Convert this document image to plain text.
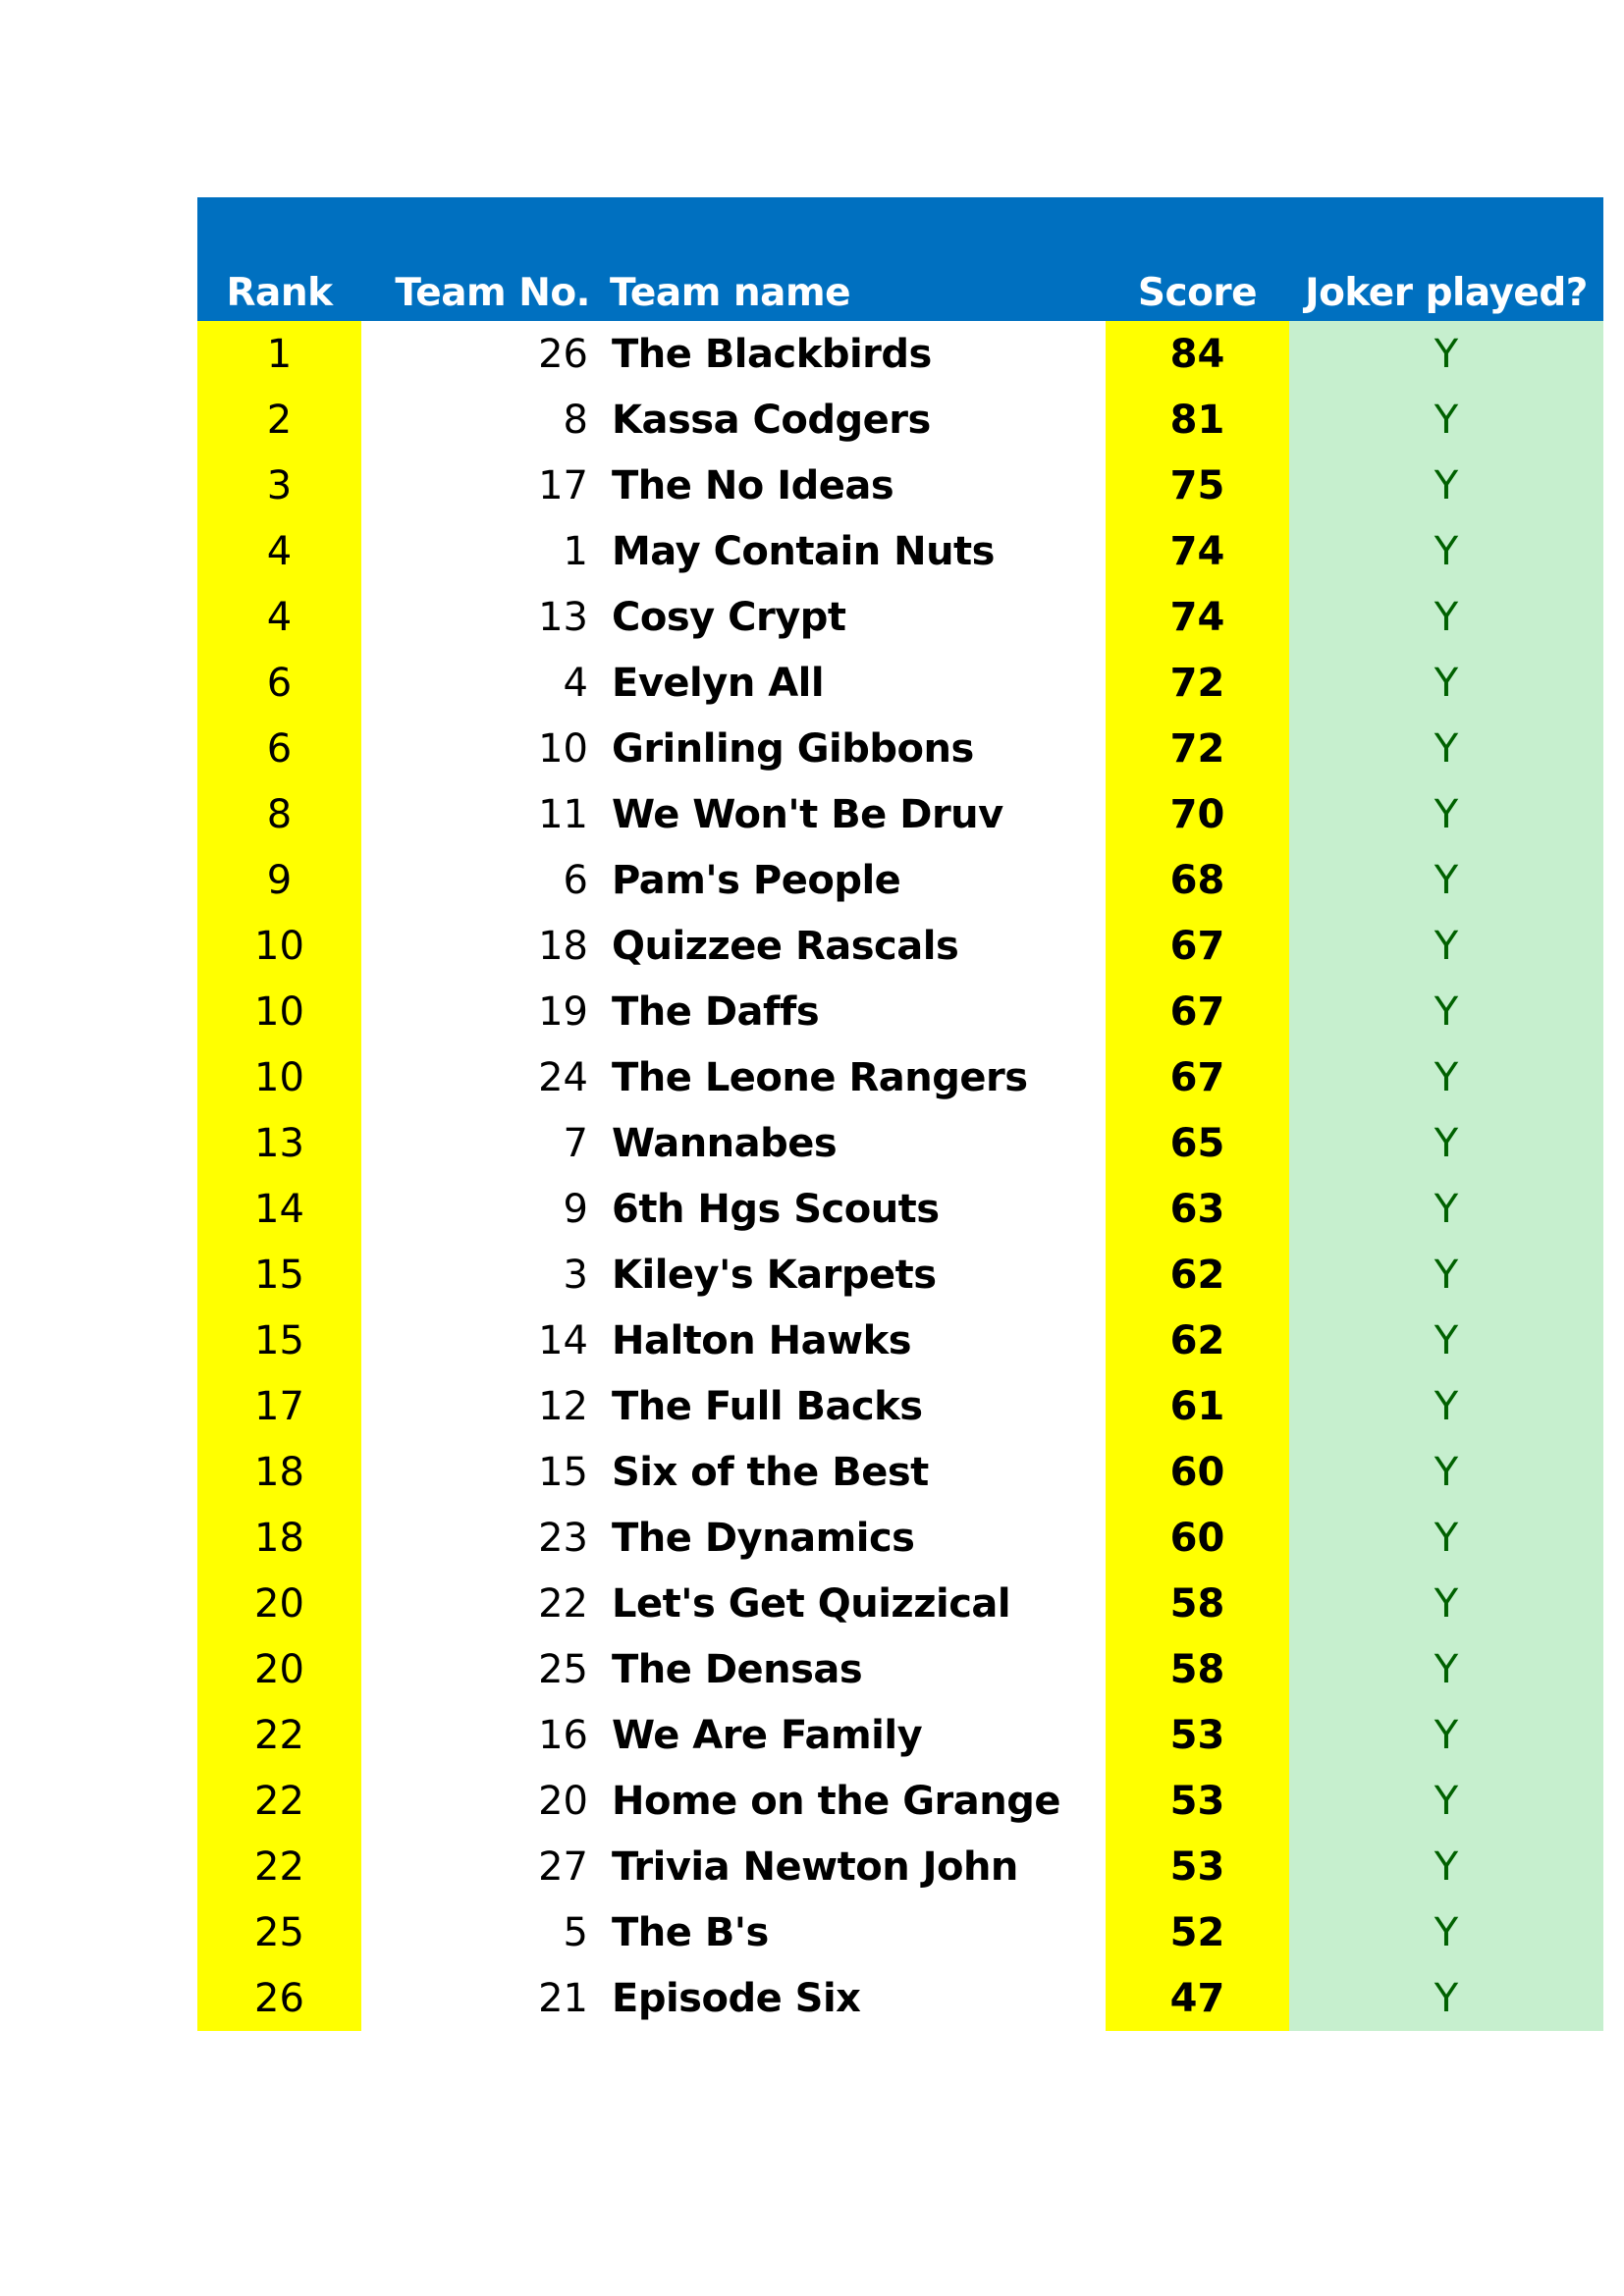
Rank	Team No.	Team name	Score	Joker played?
1	26	The Blackbirds	84	Y
2	8	Kassa Codgers	81	Y
3	17	The No Ideas	75	Y
4	1	May Contain Nuts	74	Y
4	13	Cosy Crypt	74	Y
6	4	Evelyn All	72	Y
6	10	Grinling Gibbons	72	Y
8	11	We Won't Be Druv	70	Y
9	6	Pam's People	68	Y
10	18	Quizzee Rascals	67	Y
10	19	The Daffs	67	Y
10	24	The Leone Rangers	67	Y
13	7	Wannabes	65	Y
14	9	6th Hgs Scouts	63	Y
15	3	Kiley's Karpets	62	Y
15	14	Halton Hawks	62	Y
17	12	The Full Backs	61	Y
18	15	Six of the Best	60	Y
18	23	The Dynamics	60	Y
20	22	Let's Get Quizzical	58	Y
20	25	The Densas	58	Y
22	16	We Are Family	53	Y
22	20	Home on the Grange	53	Y
22	27	Trivia Newton John	53	Y
25	5	The B's	52	Y
26	21	Episode Six	47	Y
